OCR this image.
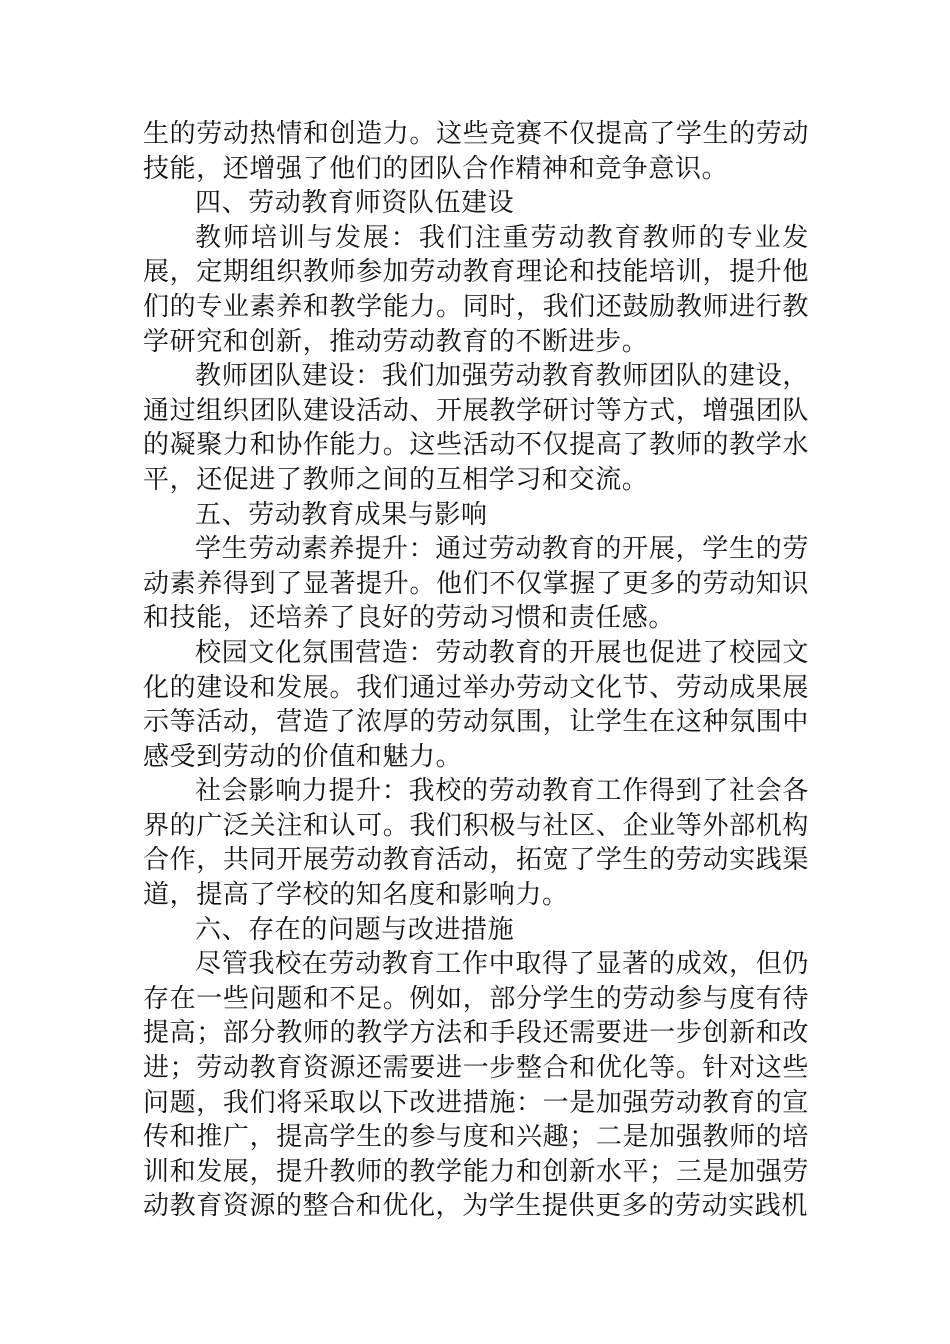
生的劳动热情和创造力。这些竞赛不仅提高了学生的劳动技能，还增强了他们的团队合作精神和竞争意识。

四、劳动教育师资队伍建设

教师培训与发展：我们注重劳动教育教师的专业发展，定期组织教师参加劳动教育理论和技能培训，提升他们的专业素养和教学能力。同时，我们还鼓励教师进行教学研究和创新，推动劳动教育的不断进步。

教师团队建设：我们加强劳动教育教师团队的建设，通过组织团队建设活动、开展教学研讨等方式，增强团队的凝聚力和协作能力。这些活动不仅提高了教师的教学水平，还促进了教师之间的互相学习和交流。

五、劳动教育成果与影响

学生劳动素养提升：通过劳动教育的开展，学生的劳动素养得到了显著提升。他们不仅掌握了更多的劳动知识和技能，还培养了良好的劳动习惯和责任感。

校园文化氛围营造：劳动教育的开展也促进了校园文化的建设和发展。我们通过举办劳动文化节、劳动成果展示等活动，营造了浓厚的劳动氛围，让学生在这种氛围中感受到劳动的价值和魅力。

社会影响力提升：我校的劳动教育工作得到了社会各界的广泛关注和认可。我们积极与社区、企业等外部机构合作，共同开展劳动教育活动，拓宽了学生的劳动实践渠道，提高了学校的知名度和影响力。

六、存在的问题与改进措施

尽管我校在劳动教育工作中取得了显著的成效，但仍存在一些问题和不足。例如，部分学生的劳动参与度有待提高；部分教师的教学方法和手段还需要进一步创新和改进；劳动教育资源还需要进一步整合和优化等。针对这些问题，我们将采取以下改进措施：一是加强劳动教育的宣传和推广，提高学生的参与度和兴趣；二是加强教师的培训和发展，提升教师的教学能力和创新水平；三是加强劳动教育资源的整合和优化，为学生提供更多的劳动实践机
